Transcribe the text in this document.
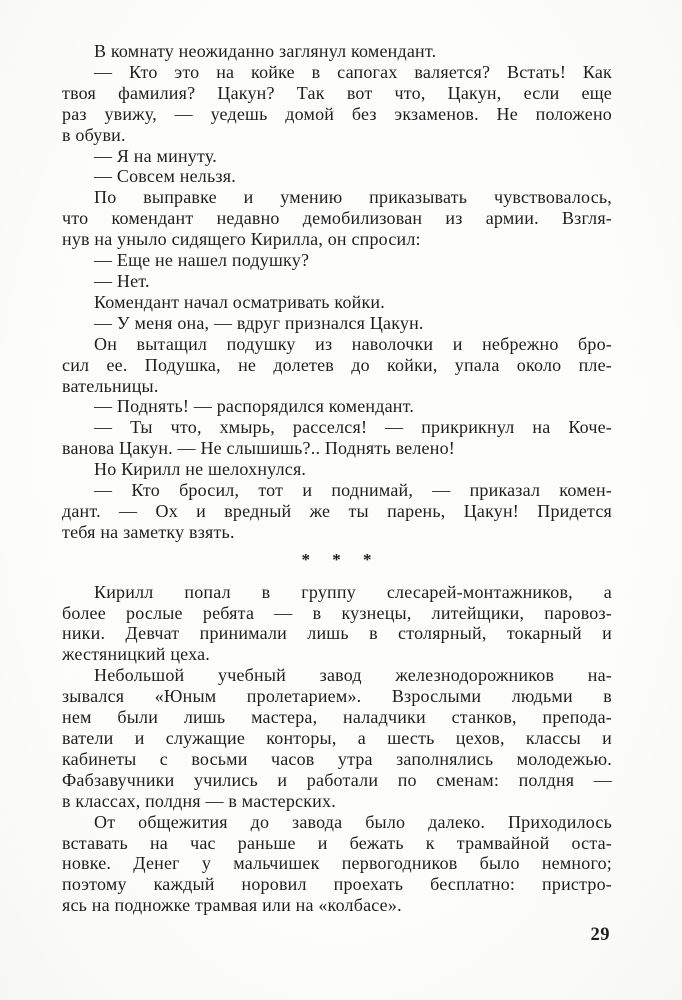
В комнату неожиданно заглянул комендант.
— Кто это на койке в сапогах валяется? Встать! Как
твоя фамилия? Цакун? Так вот что, Цакун, если еще
раз увижу, — уедешь домой без экзаменов. Не положено
в обуви.
— Я на минуту.
— Совсем нельзя.
По выправке и умению приказывать чувствовалось,
что комендант недавно демобилизован из армии. Взгля-
нув на уныло сидящего Кирилла, он спросил:
— Еще не нашел подушку?
— Нет.
Комендант начал осматривать койки.
— У меня она, — вдруг признался Цакун.
Он вытащил подушку из наволочки и небрежно бро-
сил ее. Подушка, не долетев до койки, упала около пле-
вательницы.
— Поднять! — распорядился комендант.
— Ты что, хмырь, расселся! — прикрикнул на Коче-
ванова Цакун. — Не слышишь?.. Поднять велено!
Но Кирилл не шелохнулся.
— Кто бросил, тот и поднимай, — приказал комен-
дант. — Ох и вредный же ты парень, Цакун! Придется
тебя на заметку взять.
* * *
Кирилл попал в группу слесарей-монтажников, а
более рослые ребята — в кузнецы, литейщики, паровоз-
ники. Девчат принимали лишь в столярный, токарный и
жестяницкий цеха.
Небольшой учебный завод железнодорожников на-
зывался «Юным пролетарием». Взрослыми людьми в
нем были лишь мастера, наладчики станков, препода-
ватели и служащие конторы, а шесть цехов, классы и
кабинеты с восьми часов утра заполнялись молодежью.
Фабзавучники учились и работали по сменам: полдня —
в классах, полдня — в мастерских.
От общежития до завода было далеко. Приходилось
вставать на час раньше и бежать к трамвайной оста-
новке. Денег у мальчишек первогодников было немного;
поэтому каждый норовил проехать бесплатно: пристро-
ясь на подножке трамвая или на «колбасе».
29
